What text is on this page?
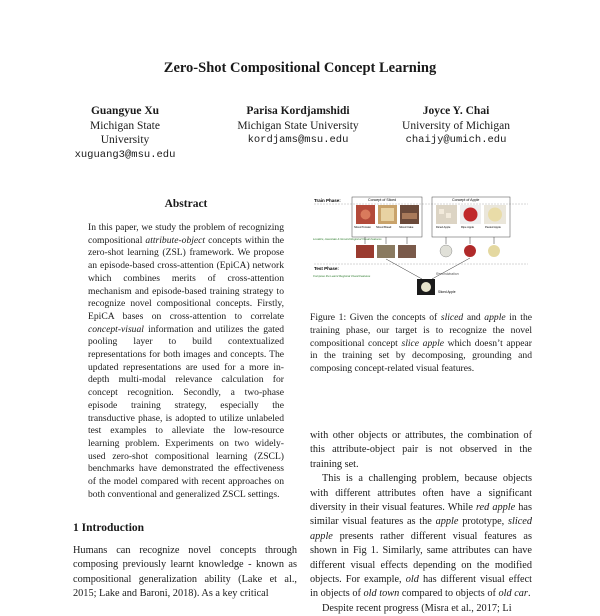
Zero-Shot Compositional Concept Learning
Guangyue Xu
Michigan State University
xuguang3@msu.edu
Parisa Kordjamshidi
Michigan State University
kordjams@msu.edu
Joyce Y. Chai
University of Michigan
chaijy@umich.edu
Abstract

In this paper, we study the problem of recognizing compositional attribute-object concepts within the zero-shot learning (ZSL) framework. We propose an episode-based cross-attention (EpiCA) network which combines merits of cross-attention mechanism and episode-based training strategy to recognize novel compositional concepts. Firstly, EpiCA bases on cross-attention to correlate concept-visual information and utilizes the gated pooling layer to build contextualized representations for both images and concepts. The updated representations are used for a more in-depth multi-modal relevance calculation for concept recognition. Secondly, a two-phase episode training strategy, especially the transductive phase, is adopted to utilize unlabeled test examples to alleviate the low-resource learning problem. Experiments on two widely-used zero-shot compositional learning (ZSCL) benchmarks have demonstrated the effectiveness of the model compared with recent approaches on both conventional and generalized ZSCL settings.

1 Introduction

Humans can recognize novel concepts through composing previously learnt knowledge - known as compositional generalization ability (Lake et al., 2015; Lake and Baroni, 2018). As a key critical

Train Phase:	Concept of Sliced	Concept of Apple
Sliced Tomato Sliced Bread	Sliced Cake	Diced Apple	Ripe Apple	Peeled Apple
Localize, Associate & Ground Regional Visual Features
Test Phase:
Compose the Learnt Regional Visual Features	Recombination
Sliced Apple
Figure 1: Given the concepts of sliced and apple in the training phase, our target is to recognize the novel compositional concept slice apple which doesn’t appear in the training set by decomposing, grounding and composing concept-related visual features.

with other objects or attributes, the combination of this attribute-object pair is not observed in the training set.

This is a challenging problem, because objects with different attributes often have a significant diversity in their visual features. While red apple has similar visual features as the apple prototype, sliced apple presents rather different visual features as shown in Fig 1. Similarly, same attributes can have different visual effects depending on the modified objects. For example, old has different visual effect in objects of old town compared to objects of old car.

Despite recent progress (Misra et al., 2017; Li
